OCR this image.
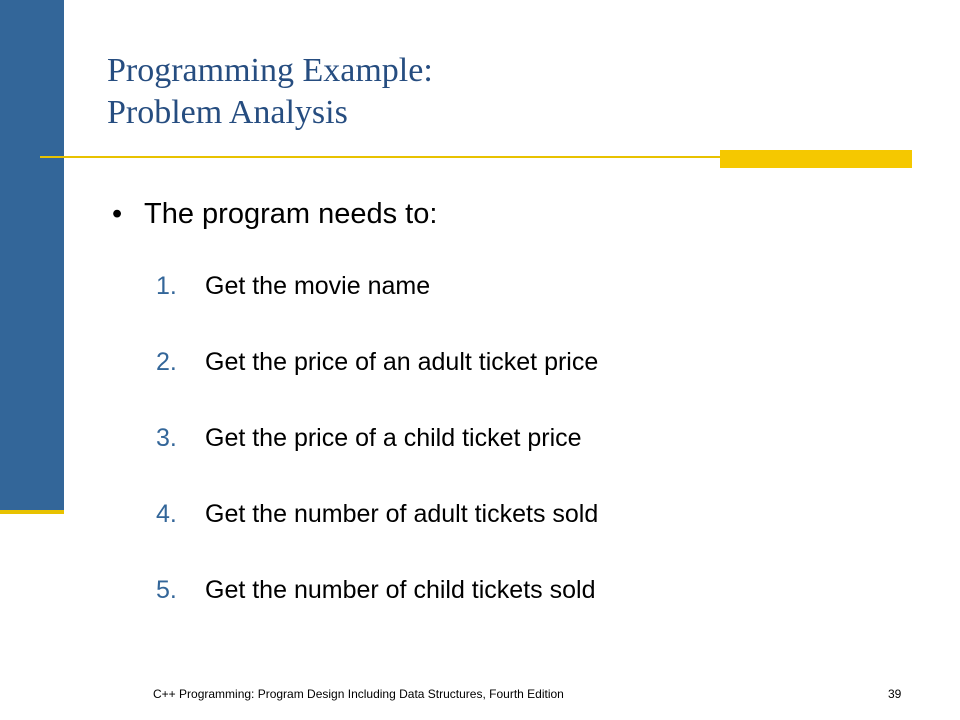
Programming Example:
Problem Analysis
• The program needs to:
1. Get the movie name
2. Get the price of an adult ticket price
3. Get the price of a child ticket price
4. Get the number of adult tickets sold
5. Get the number of child tickets sold
C++ Programming: Program Design Including Data Structures, Fourth Edition	39
